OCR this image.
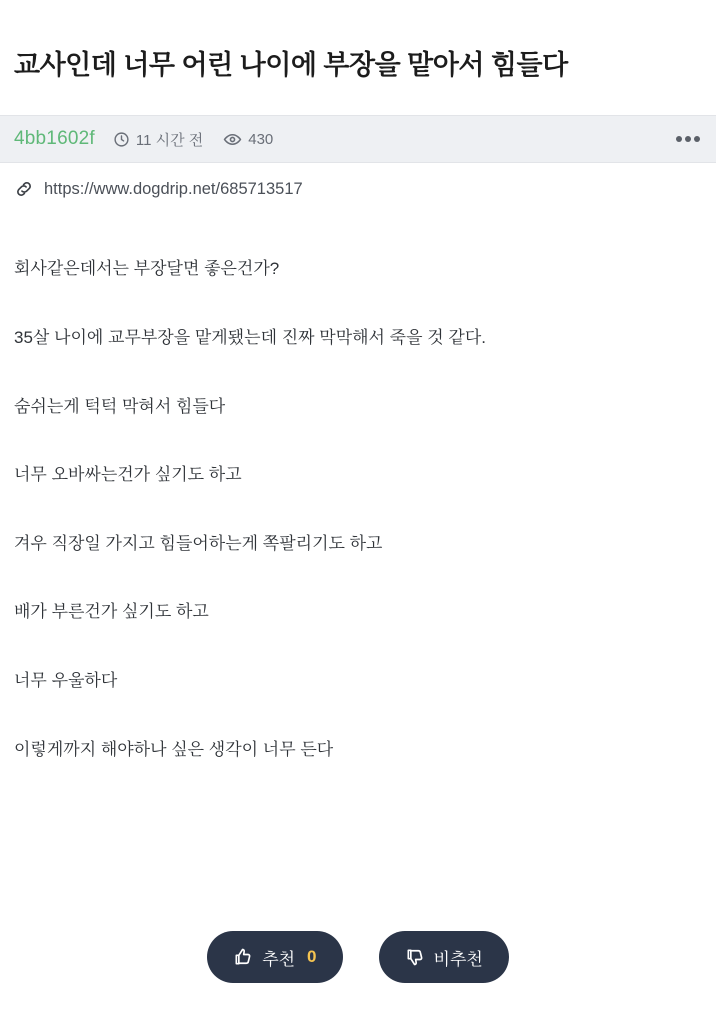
교사인데 너무 어린 나이에 부장을 맡아서 힘들다
4bb1602f	11 시간 전	430
https://www.dogdrip.net/685713517

회사같은데서는 부장달면 좋은건가?

35살 나이에 교무부장을 맡게됐는데 진짜 막막해서 죽을 것 같다.

숨쉬는게 턱턱 막혀서 힘들다

너무 오바싸는건가 싶기도 하고

겨우 직장일 가지고 힘들어하는게 쪽팔리기도 하고

배가 부른건가 싶기도 하고

너무 우울하다

이렇게까지 해야하나 싶은 생각이 너무 든다

추천 0	비추천
